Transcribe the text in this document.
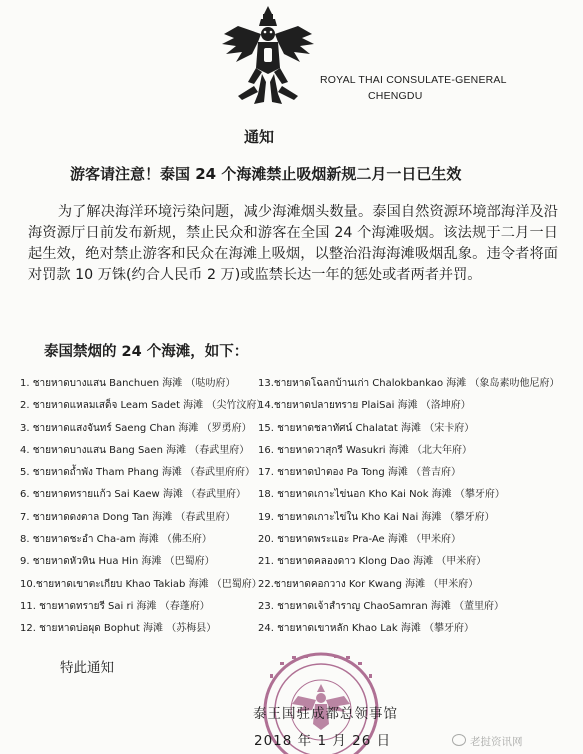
ROYAL THAI CONSULATE-GENERAL
CHENGDU
通知
游客请注意！泰国 24 个海滩禁止吸烟新规二月一日已生效
为了解决海洋环境污染问题，减少海滩烟头数量。泰国自然资源环境部海洋及沿海资源厅日前发布新规，禁止民众和游客在全国 24 个海滩吸烟。该法规于二月一日起生效，绝对禁止游客和民众在海滩上吸烟，以整治沿海海滩吸烟乱象。违令者将面对罚款 10 万铢(约合人民币 2 万)或监禁长达一年的惩处或者两者并罚。
泰国禁烟的 24 个海滩，如下：
1. ชายหาดบางแสน Banchuen 海滩 （哒叻府）
2. ชายหาดแหลมเสด็จ Leam Sadet 海滩 （尖竹汶府）
3. ชายหาดแสงจันทร์ Saeng Chan 海滩 （罗勇府）
4. ชายหาดบางแสน Bang Saen 海滩 （春武里府）
5. ชายหาดถ้ำพัง Tham Phang 海滩 （春武里府府）
6. ชายหาดทรายแก้ว Sai Kaew 海滩 （春武里府）
7. ชายหาดดงตาล Dong Tan 海滩 （春武里府）
8. ชายหาดชะอำ Cha-am 海滩 （佛丕府）
9. ชายหาดหัวหิน Hua Hin 海滩 （巴蜀府）
10.ชายหาดเขาตะเกียบ Khao Takiab 海滩 （巴蜀府）
11. ชายหาดทรายรี Sai ri 海滩 （春蓬府）
12. ชายหาดบ่อผุด Bophut 海滩 （苏梅县）
13.ชายหาดโฉลกบ้านเก่า Chalokbankao 海滩 （象岛素叻他尼府）
14.ชายหาดปลายทราย PlaiSai 海滩 （洛坤府）
15. ชายหาดชลาทัศน์ Chalatat 海滩 （宋卡府）
16. ชายหาดวาสุกรี Wasukri 海滩 （北大年府）
17. ชายหาดป่าตอง Pa Tong 海滩 （普吉府）
18. ชายหาดเกาะไข่นอก Kho Kai Nok 海滩 （攀牙府）
19. ชายหาดเกาะไข่ใน Kho Kai Nai 海滩 （攀牙府）
20. ชายหาดพระแอะ Pra-Ae 海滩 （甲米府）
21. ชายหาดคลองดาว Klong Dao 海滩 （甲米府）
22.ชายหาดคอกวาง Kor Kwang 海滩 （甲米府）
23. ชายหาดเจ้าสำราญ ChaoSamran 海滩 （董里府）
24. ชายหาดเขาหลัก Khao Lak 海滩 （攀牙府）
特此通知
泰王国驻成都总领事馆
2018 年 1 月 26 日	老挝资讯网
